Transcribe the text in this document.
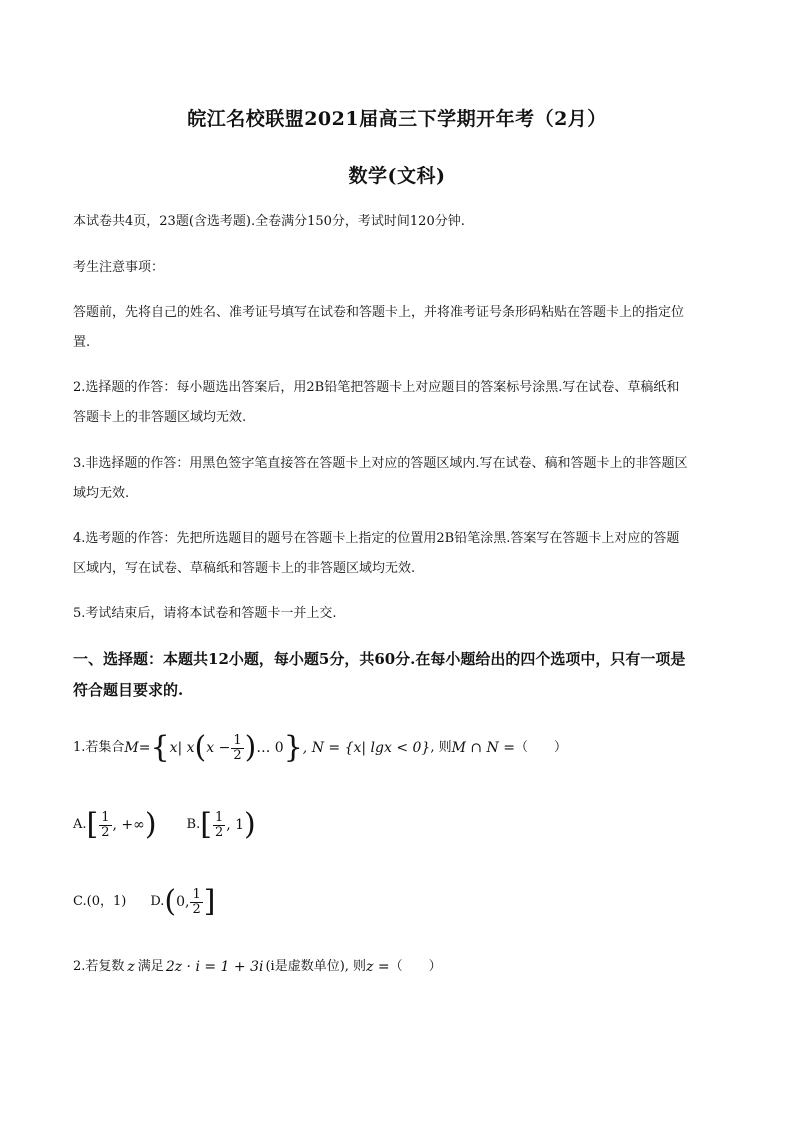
皖江名校联盟2021届高三下学期开年考（2月）
数学(文科)
本试卷共4页，23题(含选考题).全卷满分150分，考试时间120分钟.
考生注意事项：
答题前，先将自己的姓名、准考证号填写在试卷和答题卡上，并将准考证号条形码粘贴在答题卡上的指定位
置.
2.选择题的作答：每小题选出答案后，用2B铅笔把答题卡上对应题目的答案标号涂黑.写在试卷、草稿纸和
答题卡上的非答题区域均无效.
3.非选择题的作答：用黑色签字笔直接答在答题卡上对应的答题区域内.写在试卷、稿和答题卡上的非答题区
域均无效.
4.选考题的作答：先把所选题目的题号在答题卡上指定的位置用2B铅笔涂黑.答案写在答题卡上对应的答题
区域内，写在试卷、草稿纸和答题卡上的非答题区域均无效.
5.考试结束后，请将本试卷和答题卡一并上交.
一、选择题：本题共12小题，每小题5分，共60分.在每小题给出的四个选项中，只有一项是
符合题目要求的.
1.若集合 M = { x| x ( $x - \frac{1}{2}$ ) … 0 } , N = {x| lgx < 0} , 则 M ∩ N = （　　）
A. [ $\frac{1}{2}$ , +∞ ) B. [ $\frac{1}{2}$ , 1 )
C.(0，1) D. ( 0, $\frac{1}{2}$ ]
2.若复数 z 满足 2z · i = 1 + 3i (i是虚数单位) , 则 z = （　　）
